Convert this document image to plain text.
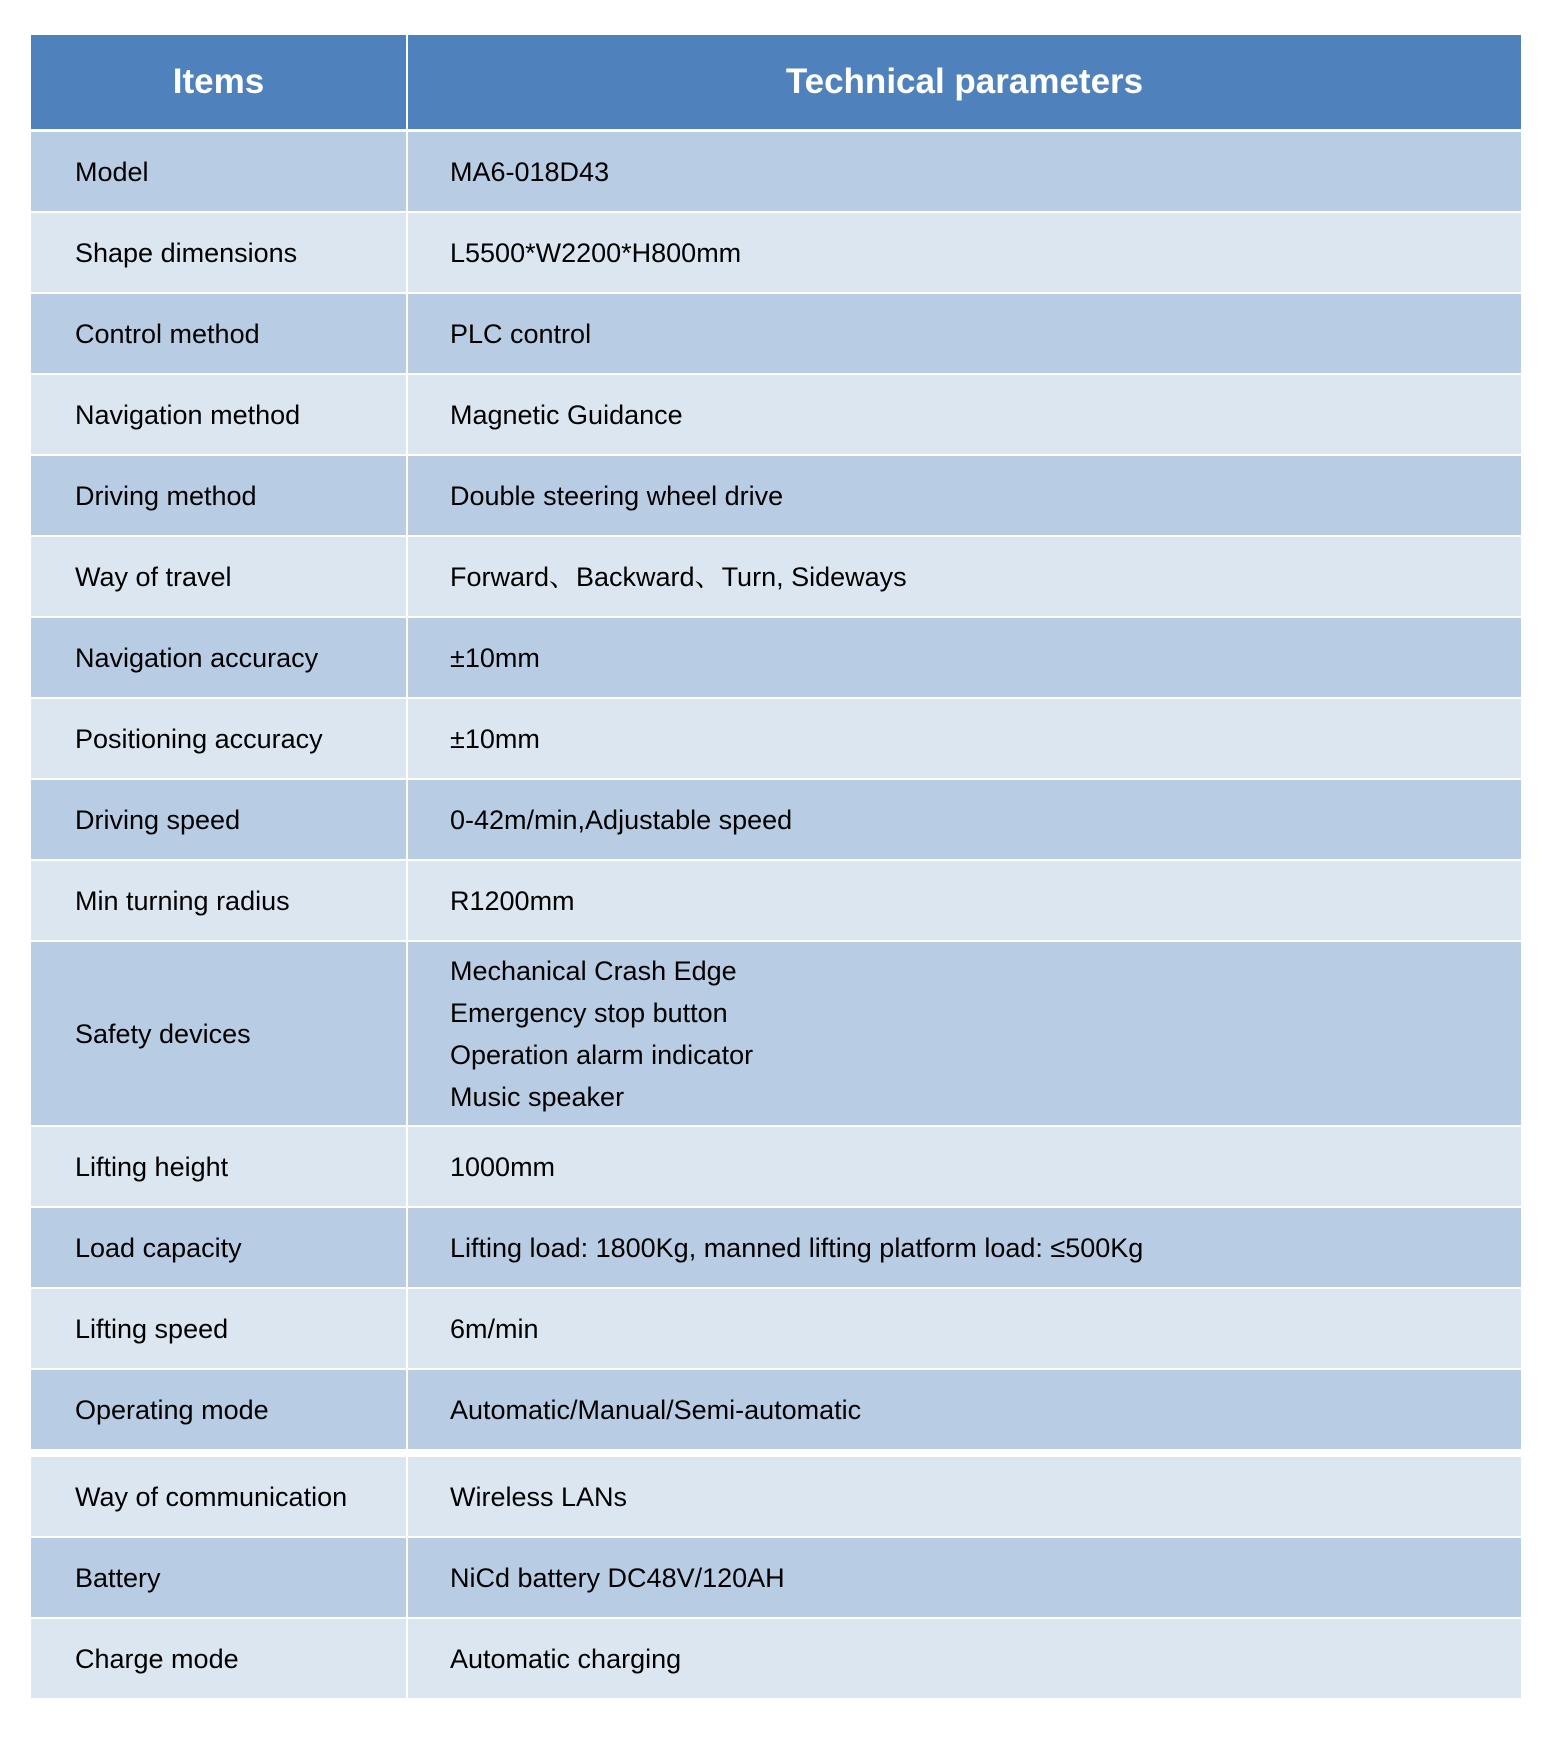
Items	Technical parameters
Model	MA6-018D43
Shape dimensions	L5500*W2200*H800mm
Control method	PLC control
Navigation method	Magnetic Guidance
Driving method	Double steering wheel drive
Way of travel	Forward、Backward、Turn, Sideways
Navigation accuracy	±10mm
Positioning accuracy	±10mm
Driving speed	0-42m/min,Adjustable speed
Min turning radius	R1200mm
Safety devices	Mechanical Crash Edge
Emergency stop button
Operation alarm indicator
Music speaker

Lifting height	1000mm
Load capacity	Lifting load: 1800Kg, manned lifting platform load: ≤500Kg
Lifting speed	6m/min
Operating mode	Automatic/Manual/Semi-automatic
Way of communication	Wireless LANs
Battery	NiCd battery DC48V/120AH
Charge mode	Automatic charging
